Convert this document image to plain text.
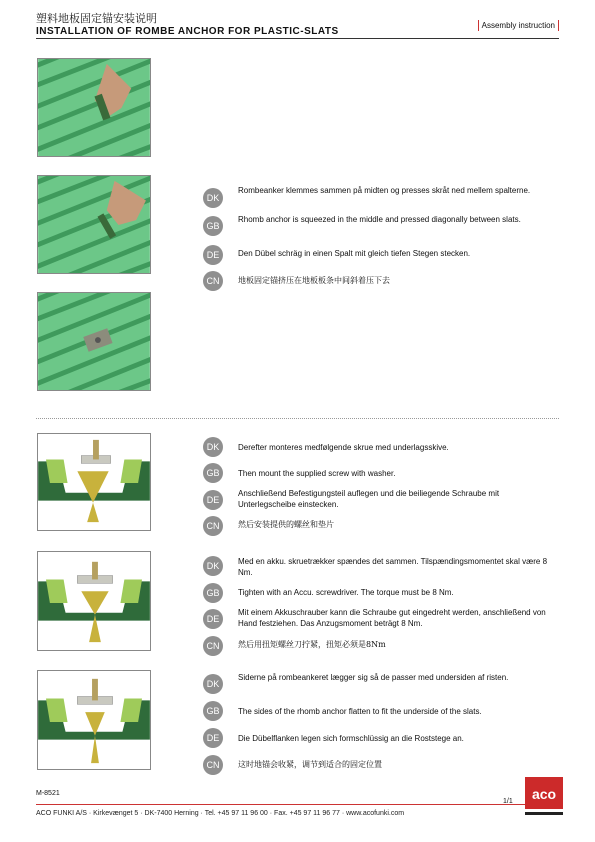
塑料地板固定锚安装说明
INSTALLATION OF ROMBE ANCHOR FOR PLASTIC-SLATS
Assembly instruction
DK
Rombeanker klemmes sammen på midten og presses skråt ned mellem spalterne.
GB
Rhomb anchor is squeezed in the middle and pressed diagonally between slats.
DE	Den Dübel schräg in einen Spalt mit gleich tiefen Stegen stecken.
CN	地板固定锚挤压在地板板条中间斜着压下去
DK	Derefter monteres medfølgende skrue med underlagsskive.
GB	Then mount the supplied screw with washer.
DE
Anschließend Befestigungsteil auflegen und die beiliegende Schraube mit Unterlegscheibe einstecken.
CN	然后安装提供的螺丝和垫片
DK	Med en akku. skruetrækker spændes det sammen. Tilspændingsmomentet skal være 8 Nm.
GB	Tighten with an Accu. screwdriver. The torque must be 8 Nm.
DE
Mit einem Akkuschrauber kann die Schraube gut eingedreht werden, anschließend von Hand festziehen. Das Anzugsmoment beträgt 8 Nm.
CN	然后用扭矩螺丝刀拧紧，扭矩必须是8Nm
DK
Siderne på rombeankeret lægger sig så de passer med undersiden af risten.
GB	The sides of the rhomb anchor flatten to fit the underside of the slats.
DE	Die Dübelflanken legen sich formschlüssig an die Roststege an.
CN	这时地锚会收紧，调节到适合的固定位置
M-8521
1/1
ACO FUNKI A/S · Kirkevænget 5 · DK-7400 Herning · Tel. +45 97 11 96 00 · Fax. +45 97 11 96 77 · www.acofunki.com
aco
